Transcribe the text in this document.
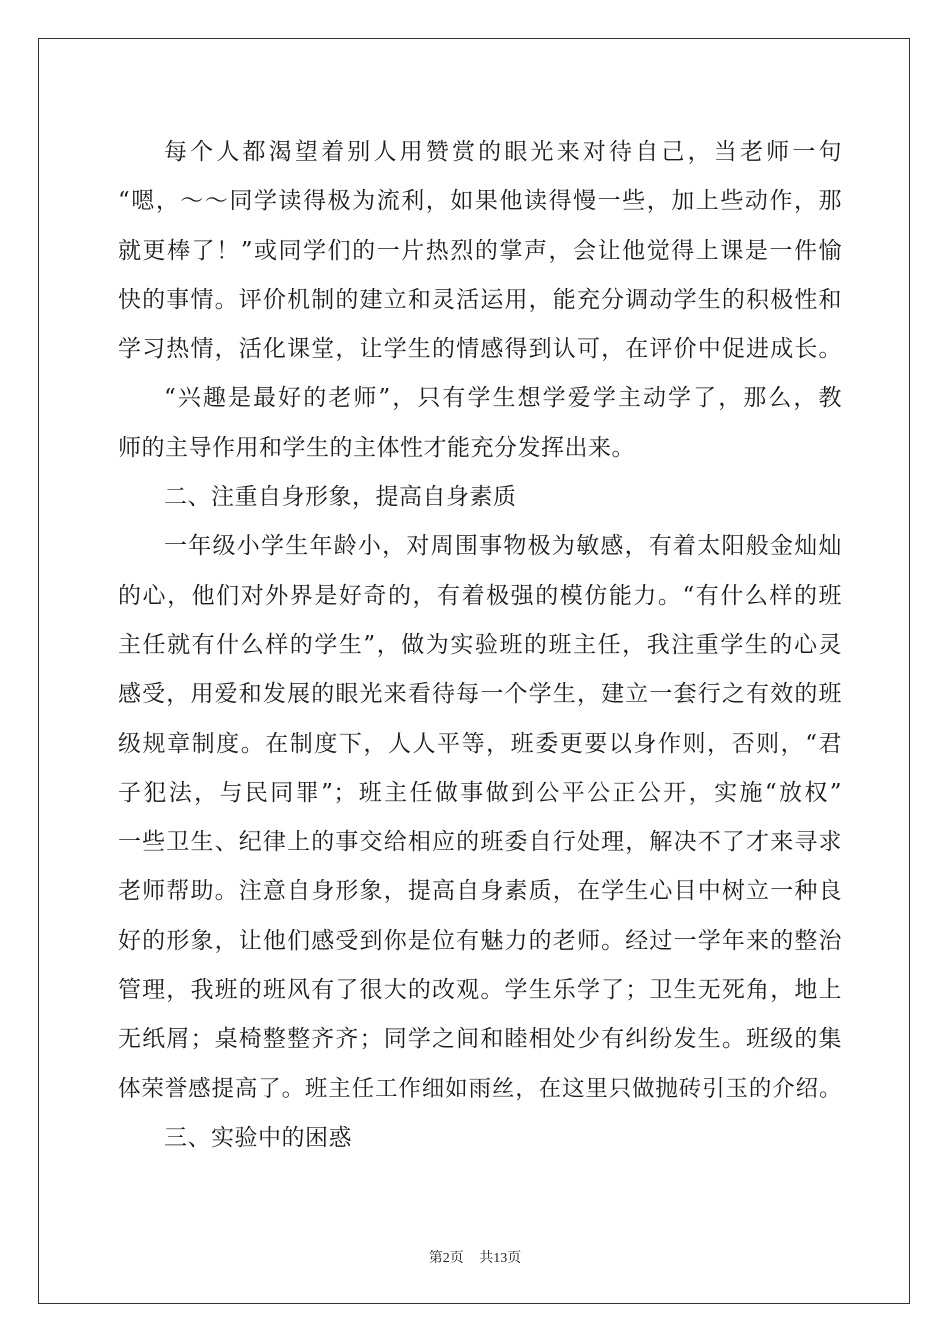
每个人都渴望着别人用赞赏的眼光来对待自己，当老师一句
“嗯，～～同学读得极为流利，如果他读得慢一些，加上些动作，那
就更棒了！”或同学们的一片热烈的掌声，会让他觉得上课是一件愉
快的事情。评价机制的建立和灵活运用，能充分调动学生的积极性和
学习热情，活化课堂，让学生的情感得到认可，在评价中促进成长。
“兴趣是最好的老师”，只有学生想学爱学主动学了，那么，教
师的主导作用和学生的主体性才能充分发挥出来。
二、注重自身形象，提高自身素质
一年级小学生年龄小，对周围事物极为敏感，有着太阳般金灿灿
的心，他们对外界是好奇的，有着极强的模仿能力。“有什么样的班
主任就有什么样的学生”，做为实验班的班主任，我注重学生的心灵
感受，用爱和发展的眼光来看待每一个学生，建立一套行之有效的班
级规章制度。在制度下，人人平等，班委更要以身作则，否则，“君
子犯法，与民同罪”；班主任做事做到公平公正公开，实施“放权”
一些卫生、纪律上的事交给相应的班委自行处理，解决不了才来寻求
老师帮助。注意自身形象，提高自身素质，在学生心目中树立一种良
好的形象，让他们感受到你是位有魅力的老师。经过一学年来的整治
管理，我班的班风有了很大的改观。学生乐学了；卫生无死角，地上
无纸屑；桌椅整整齐齐；同学之间和睦相处少有纠纷发生。班级的集
体荣誉感提高了。班主任工作细如雨丝，在这里只做抛砖引玉的介绍。
三、实验中的困惑
第2页 共13页
